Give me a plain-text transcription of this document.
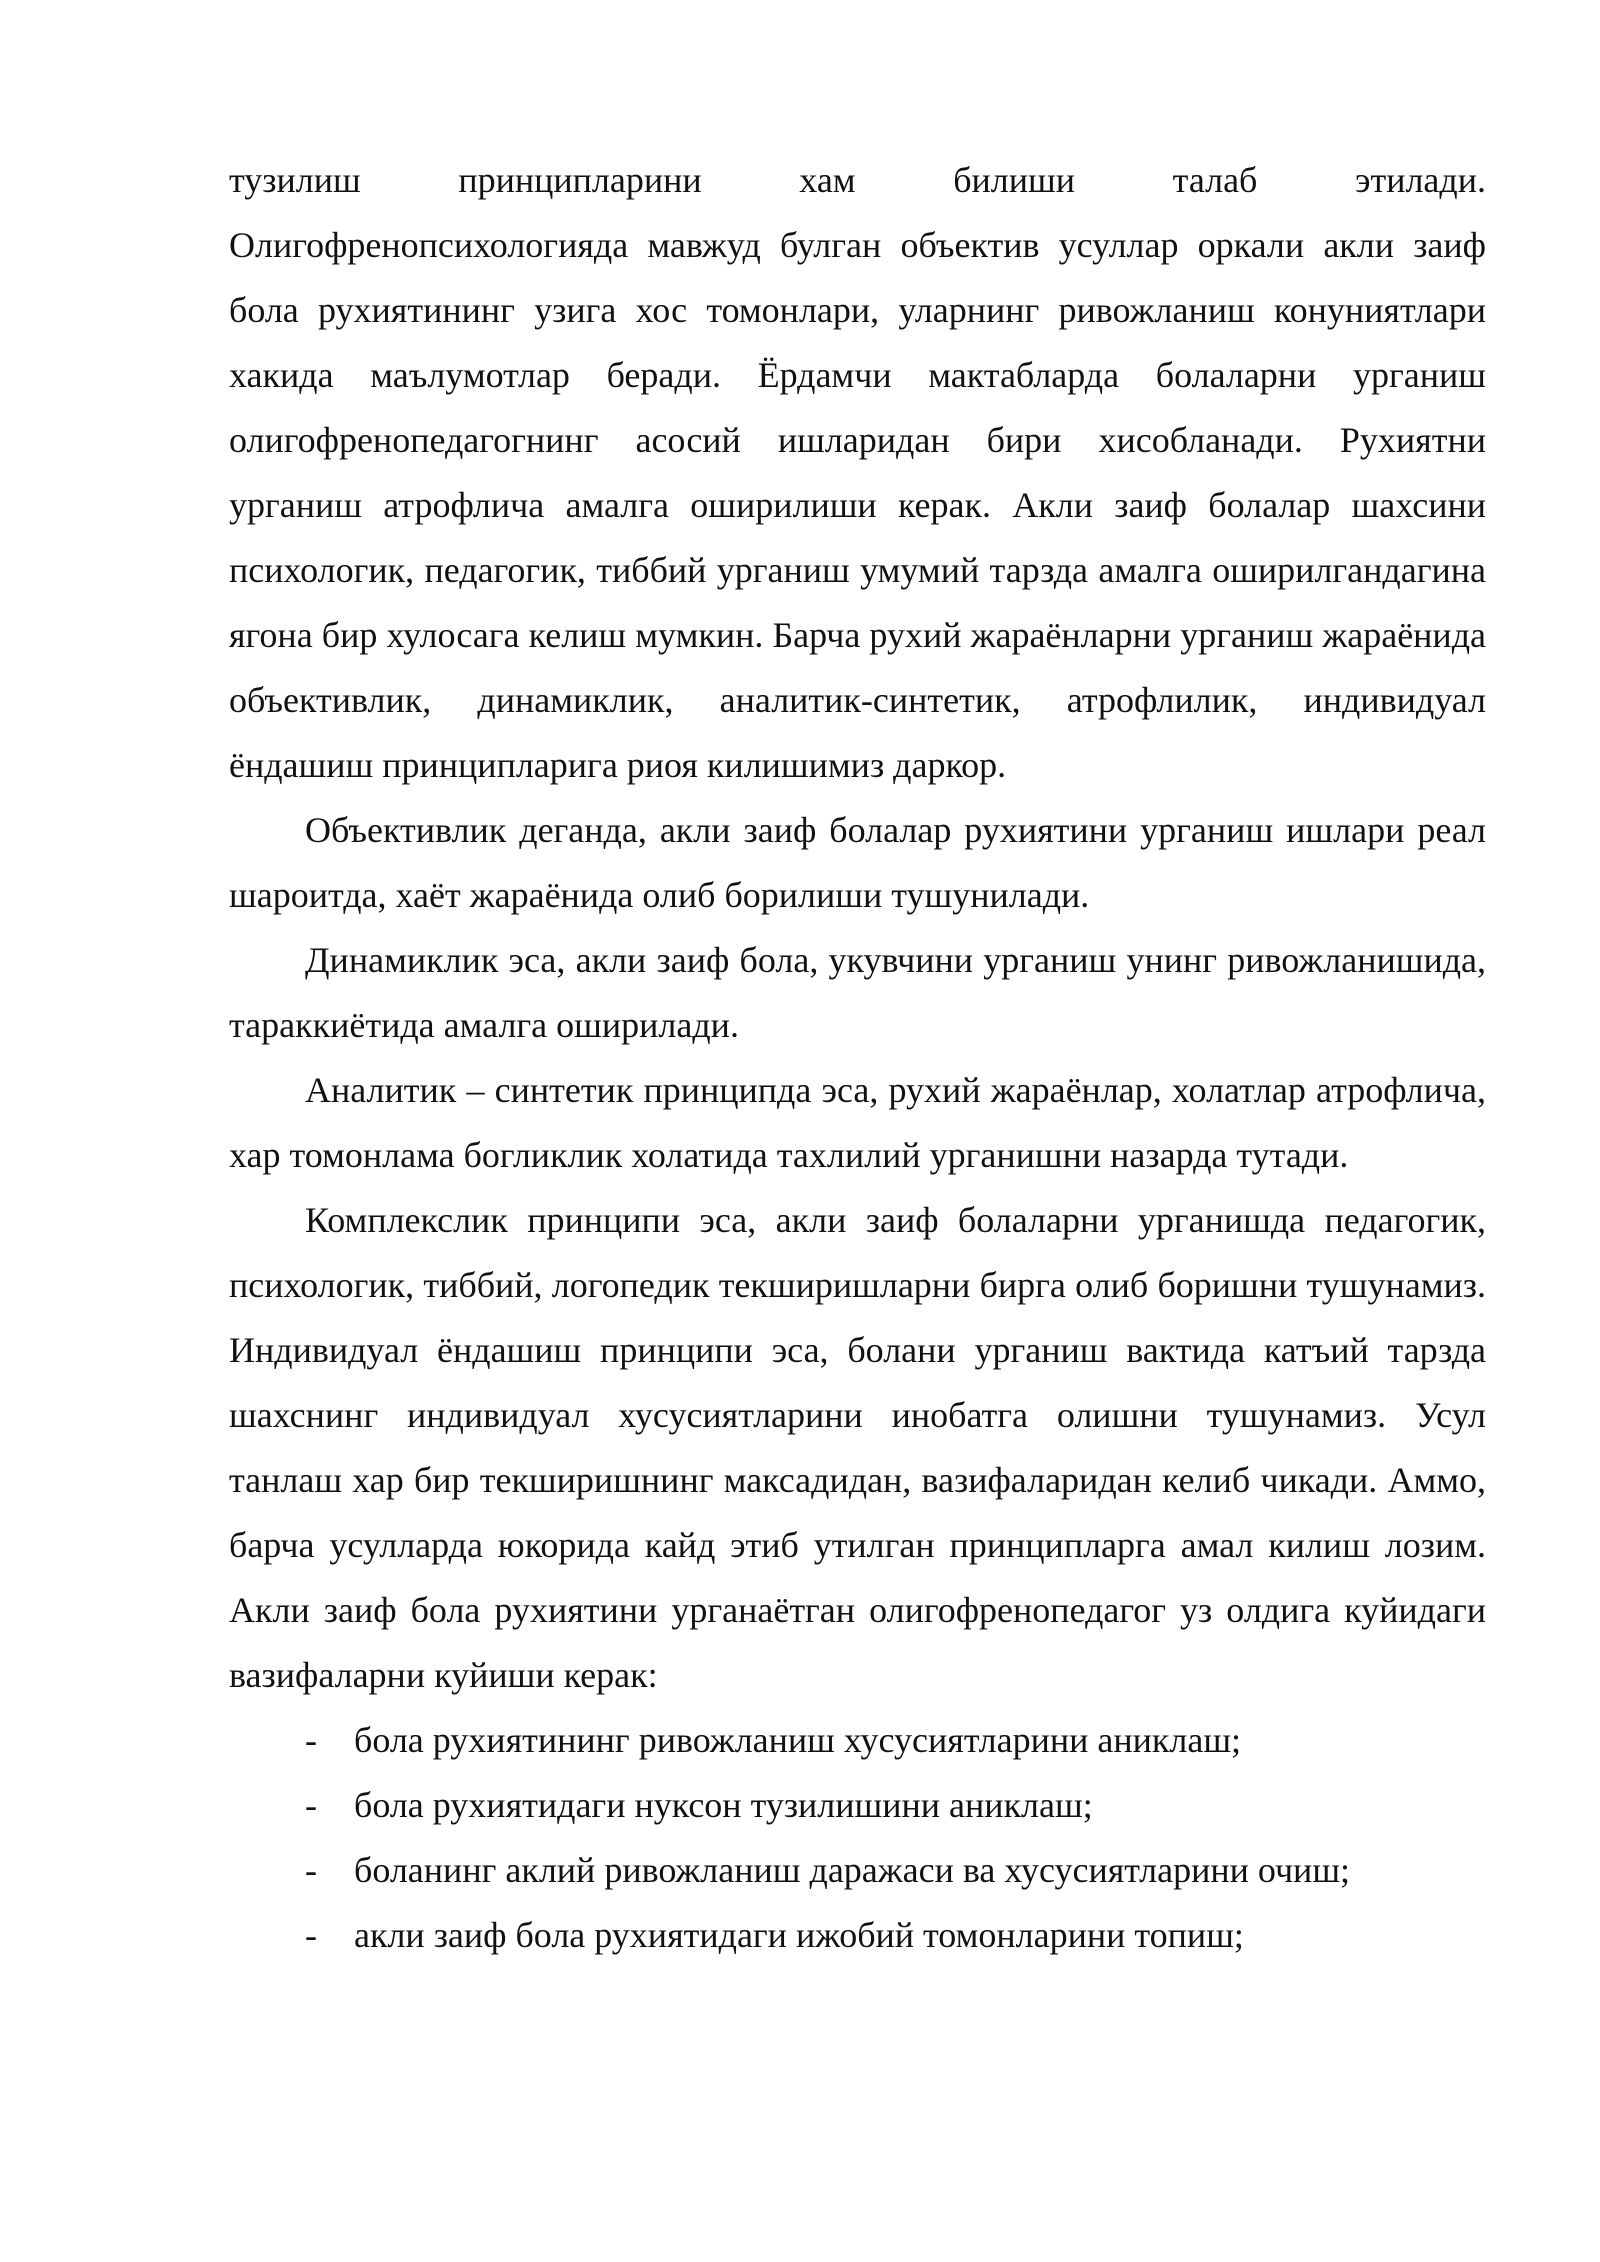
тузилиш принципларини хам билиши талаб этилади.
Олигофренопсихологияда мавжуд булган объектив усуллар оркали акли заиф бола рухиятининг узига хос томонлари, уларнинг ривожланиш конуниятлари хакида маълумотлар беради. Ёрдамчи мактабларда болаларни урганиш олигофренопедагогнинг асосий ишларидан бири хисобланади. Рухиятни урганиш атрофлича амалга оширилиши керак. Акли заиф болалар шахсини психологик, педагогик, тиббий урганиш умумий тарзда амалга оширилгандагина ягона бир хулосага келиш мумкин. Барча рухий жараёнларни урганиш жараёнида объективлик, динамиклик, аналитик-синтетик, атрофлилик, индивидуал ёндашиш принципларига риоя килишимиз даркор.

Объективлик деганда, акли заиф болалар рухиятини урганиш ишлари реал шароитда, хаёт жараёнида олиб борилиши тушунилади.

Динамиклик эса, акли заиф бола, укувчини урганиш унинг ривожланишида, тараккиётида амалга оширилади.

Аналитик – синтетик принципда эса, рухий жараёнлар, холатлар атрофлича, хар томонлама богликлик холатида тахлилий урганишни назарда тутади.

Комплекслик принципи эса, акли заиф болаларни урганишда педагогик, психологик, тиббий, логопедик текширишларни бирга олиб боришни тушунамиз. Индивидуал ёндашиш принципи эса, болани урганиш вактида катъий тарзда шахснинг индивидуал хусусиятларини инобатга олишни тушунамиз. Усул танлаш хар бир текширишнинг максадидан, вазифаларидан келиб чикади. Аммо, барча усулларда юкорида кайд этиб утилган принципларга амал килиш лозим. Акли заиф бола рухиятини урганаётган олигофренопедагог уз олдига куйидаги вазифаларни куйиши керак:

- бола рухиятининг ривожланиш хусусиятларини аниклаш;
- бола рухиятидаги нуксон тузилишини аниклаш;
- боланинг аклий ривожланиш даражаси ва хусусиятларини очиш;
- акли заиф бола рухиятидаги ижобий томонларини топиш;
